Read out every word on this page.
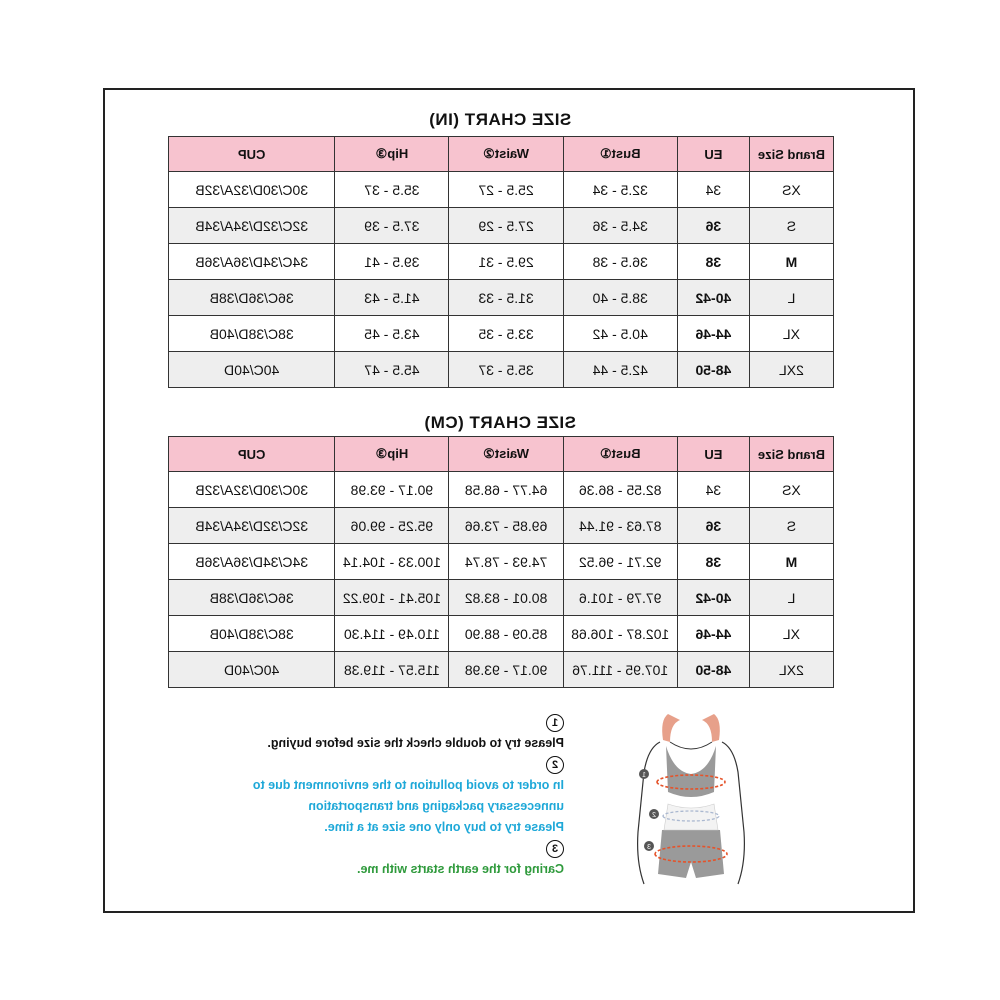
SIZE CHART (IN)
Brand Size	EU	Bust①	Waist②	Hip③	CUP
XS	34	32.5 - 34	25.5 - 27	35.5 - 37	30C/30D/32A/32B
S	36	34.5 - 36	27.5 - 29	37.5 - 39	32C/32D/34A/34B
M	38	36.5 - 38	29.5 - 31	39.5 - 41	34C/34D/36A/36B
L	40-42	38.5 - 40	31.5 - 33	41.5 - 43	36C/36D/38B
XL	44-46	40.5 - 42	33.5 - 35	43.5 - 45	38C/38D/40B
2XL	48-50	42.5 - 44	35.5 - 37	45.5 - 47	40C/40D
SIZE CHART (CM)
Brand Size	EU	Bust①	Waist②	Hip③	CUP
XS	34	82.55 - 86.36	64.77 - 68.58	90.17 - 93.98	30C/30D/32A/32B
S	36	87.63 - 91.44	69.85 - 73.66	95.25 - 99.06	32C/32D/34A/34B
M	38	92.71 - 96.52	74.93 - 78.74	100.33 - 104.14	34C/34D/36A/36B
L	40-42	97.79 - 101.6	80.01 - 83.82	105.41 - 109.22	36C/36D/38B
XL	44-46	102.87 - 106.68	85.09 - 88.90	110.49 - 114.30	38C/38D/40B
2XL	48-50	107.95 - 111.76	90.17 - 93.98	115.57 - 119.38	40C/40D
1
Please try to double check the size before buying.
2
In order to avoid pollution to the environment due to
unnecessary packaging and transportation
Please try to buy only one size at a time.
3
Caring for the earth starts with me.
1
2
3
